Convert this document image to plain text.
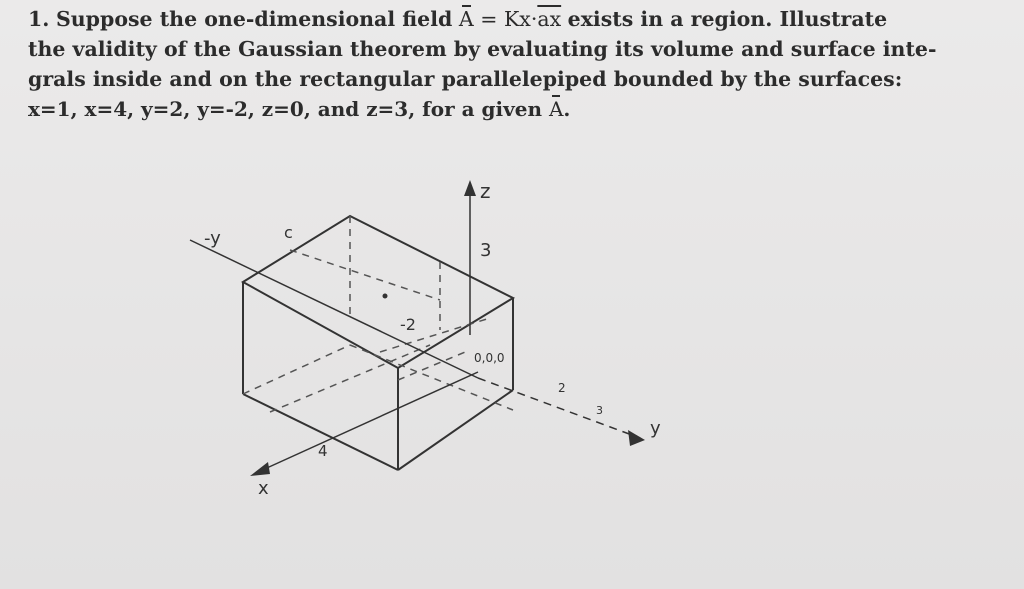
1. Suppose the one-dimensional field $A = Kx\cdot\overline{ax}$ exists in a region. Illustrate

the validity of the Gaussian theorem by evaluating its volume and surface inte-

grals inside and on the rectangular parallelepiped bounded by the surfaces:

x=1, x=4, y=2, y=-2, z=0, and z=3, for a given A.

z
3
-y	c
-2
0,0,0
2
3
y
4
x
